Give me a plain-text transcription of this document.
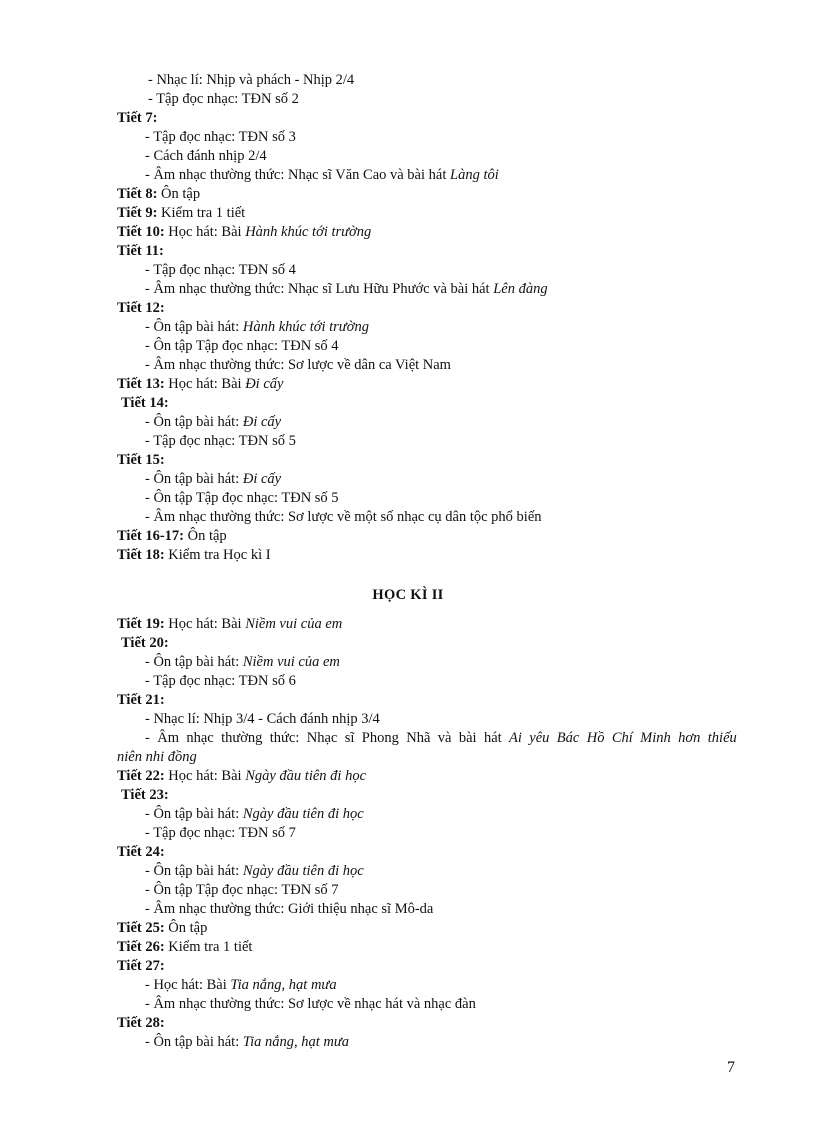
- Nhạc lí: Nhịp và phách - Nhịp 2/4
- Tập đọc nhạc: TĐN số 2
Tiết 7:
- Tập đọc nhạc: TĐN số 3
- Cách đánh nhịp 2/4
- Âm nhạc thường thức: Nhạc sĩ Văn Cao và bài hát Làng tôi
Tiết 8: Ôn tập
Tiết 9: Kiểm tra 1 tiết
Tiết 10: Học hát: Bài Hành khúc tới trường
Tiết 11:
- Tập đọc nhạc: TĐN số 4
- Âm nhạc thường thức: Nhạc sĩ Lưu Hữu Phước và bài hát Lên đàng
Tiết 12:
- Ôn tập bài hát: Hành khúc tới trường
- Ôn tập Tập đọc nhạc: TĐN số 4
- Âm nhạc thường thức: Sơ lược về dân ca Việt Nam
Tiết 13: Học hát: Bài Đi cấy
Tiết 14:
- Ôn tập bài hát: Đi cấy
- Tập đọc nhạc: TĐN số 5
Tiết 15:
- Ôn tập bài hát: Đi cấy
- Ôn tập Tập đọc nhạc: TĐN số 5
- Âm nhạc thường thức: Sơ lược về một số nhạc cụ dân tộc phổ biến
Tiết 16-17: Ôn tập
Tiết 18: Kiểm tra Học kì I
Tiết 19: Học hát: Bài Niềm vui của em
Tiết 20:
- Ôn tập bài hát: Niềm vui của em
- Tập đọc nhạc: TĐN số 6
Tiết 21:
- Nhạc lí: Nhịp 3/4 - Cách đánh nhịp 3/4
- Âm nhạc thường thức: Nhạc sĩ Phong Nhã và bài hát Ai yêu Bác Hồ Chí Minh hơn thiếu
niên nhi đồng
Tiết 22: Học hát: Bài Ngày đầu tiên đi học
Tiết 23:
- Ôn tập bài hát: Ngày đầu tiên đi học
- Tập đọc nhạc: TĐN số 7
Tiết 24:
- Ôn tập bài hát: Ngày đầu tiên đi học
- Ôn tập Tập đọc nhạc: TĐN số 7
- Âm nhạc thường thức: Giới thiệu nhạc sĩ Mô-da
Tiết 25: Ôn tập
Tiết 26: Kiểm tra 1 tiết
Tiết 27:
- Học hát: Bài Tia nắng, hạt mưa
- Âm nhạc thường thức: Sơ lược về nhạc hát và nhạc đàn
Tiết 28:
- Ôn tập bài hát: Tia nắng, hạt mưa
HỌC KÌ II
7
